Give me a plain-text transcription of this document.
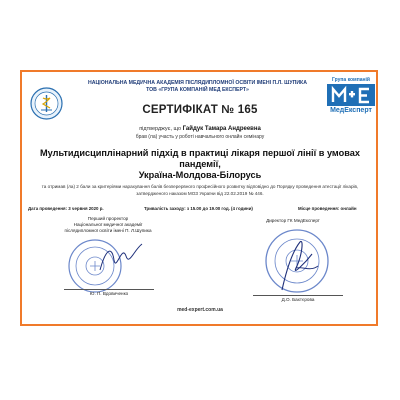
НАЦІОНАЛЬНА МЕДИЧНА АКАДЕМІЯ ПІСЛЯДИПЛОМНОЇ ОСВІТИ ІМЕНІ П.Л. ШУПИКА
ТОВ «ГРУПА КОМПАНІЙ МЕД ЕКСПЕРТ»
Група компаній
МедЕксперт
СЕРТИФІКАТ № 165
підтверджує, що Гайдук Тамара Андреевна
брав (ла) участь у роботі навчального онлайн семінару
Мультидисциплінарний підхід в практиці лікаря першої лінії в умовах пандемії,
Україна-Молдова-Білорусь
та отримав (ла) 2 бали за критеріями нарахування балів безперервного професійного розвитку відповідно до Порядку проведення атестації лікарів,
затвердженого наказом МОЗ України від 22.02.2019 № 446.
Дата проведення: 3 червня 2020 р.	Тривалість заходу: з 15.00 до 19.00 год. (4 години)	Місце проведення: онлайн
Перший проректор
Національної медичної академії
післядипломної освіти імені П. Л.Шупика
Ю. П. Вдовиченко
Директор ГК МедЕксперт
Д.О. Бахтєрова
med-expert.com.ua
